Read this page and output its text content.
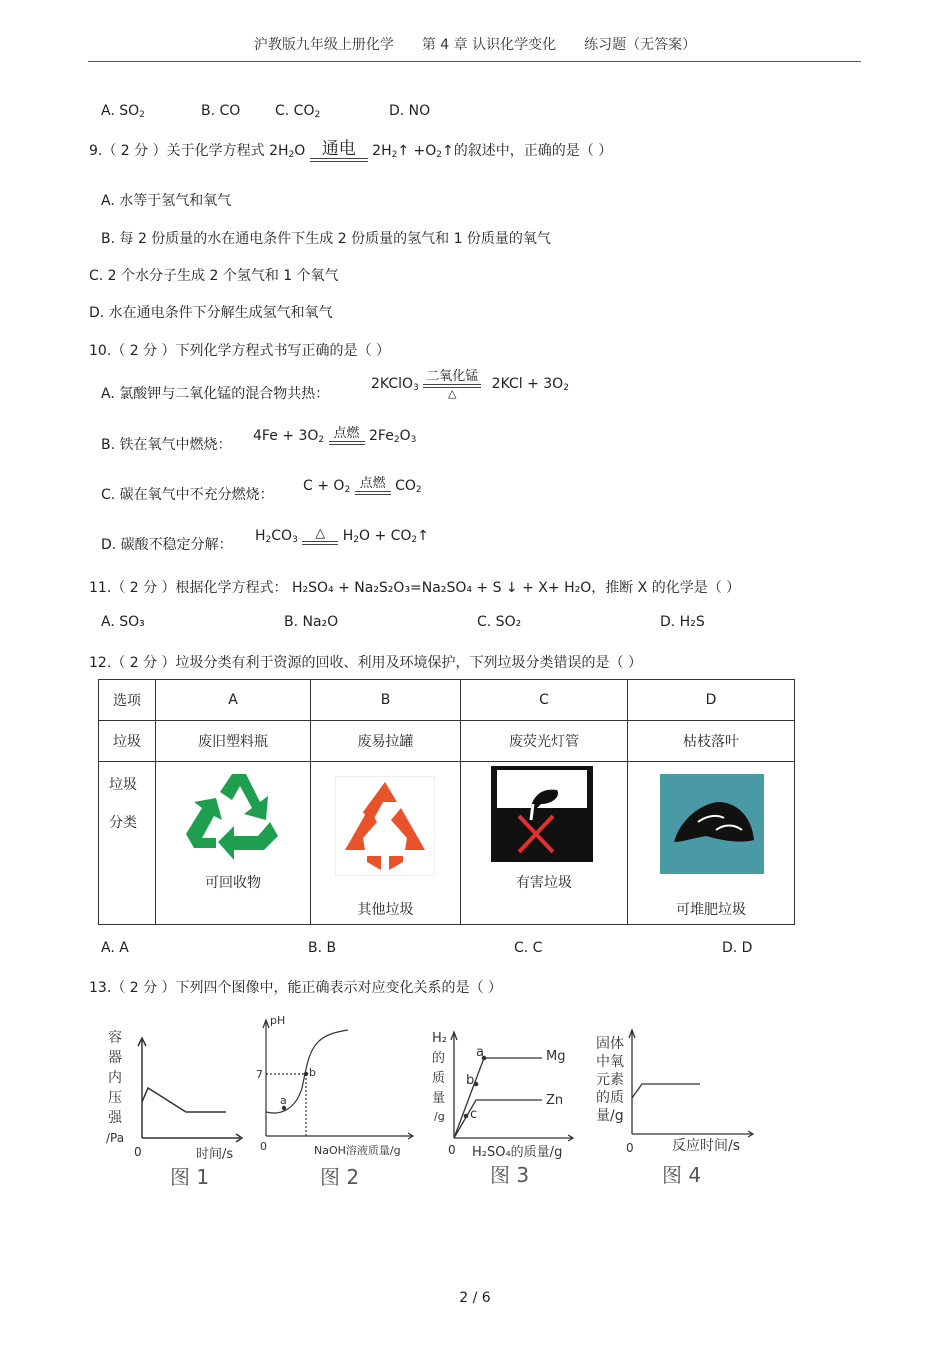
沪教版九年级上册化学　　第 4 章 认识化学变化　　练习题（无答案）
A. $SO_2$	B. CO C. $CO_2$	D. NO
9.（ 2 分 ）关于化学方程式 $2H_2O$ 通电	$2H_2↑$ $+O_2↑$的叙述中，正确的是（ ）
A. 水等于氢气和氧气
B. 每 2 份质量的水在通电条件下生成 2 份质量的氢气和 1 份质量的氧气
C. 2 个水分子生成 2 个氢气和 1 个氧气
D. 水在通电条件下分解生成氢气和氧气
10.（ 2 分 ）下列化学方程式书写正确的是（ ）
A. 氯酸钾与二氧化锰的混合物共热：
2KClO$_3$
二氧化锰
△
$2KCl + 3O_2$
B. 铁在氧气中燃烧：
$4Fe + 3O_2$ 点燃 $2Fe_2O_3$
C. 碳在氧气中不充分燃烧：
$C + O_2$ 点燃 $CO_2$
D. 碳酸不稳定分解：
$H_2CO_3$	△	$H_2O$ + $CO_2↑$
11.（ 2 分 ）根据化学方程式： H₂SO₄ + Na₂S₂O₃=Na₂SO₄ + S ↓ + X+ H₂O，推断 X 的化学是（ ）
A. SO₃	B. Na₂O	C. SO₂	D. H₂S
12.（ 2 分 ）垃圾分类有利于资源的回收、利用及环境保护，下列垃圾分类错误的是（ ）
选项	A	B	C	D
垃圾	废旧塑料瓶	废易拉罐	废荧光灯管	枯枝落叶

垃圾
分类	可回收物	其他垃圾	有害垃圾	可堆肥垃圾
A. A	B. B	C. C	D. D
13.（ 2 分 ）下列四个图像中，能正确表示对应变化关系的是（ ）
容
器
内
压
强
/Pa
0	时间/s
图 1
pH
7
a
b
0	NaOH溶液质量/g
图 2
H₂
的
质
量
/g
a
b
c
Mg
Zn
0 H₂SO₄的质量/g
图 3
固体
中氧
元素
的质
量/g
0	反应时间/s
图 4
2 / 6
